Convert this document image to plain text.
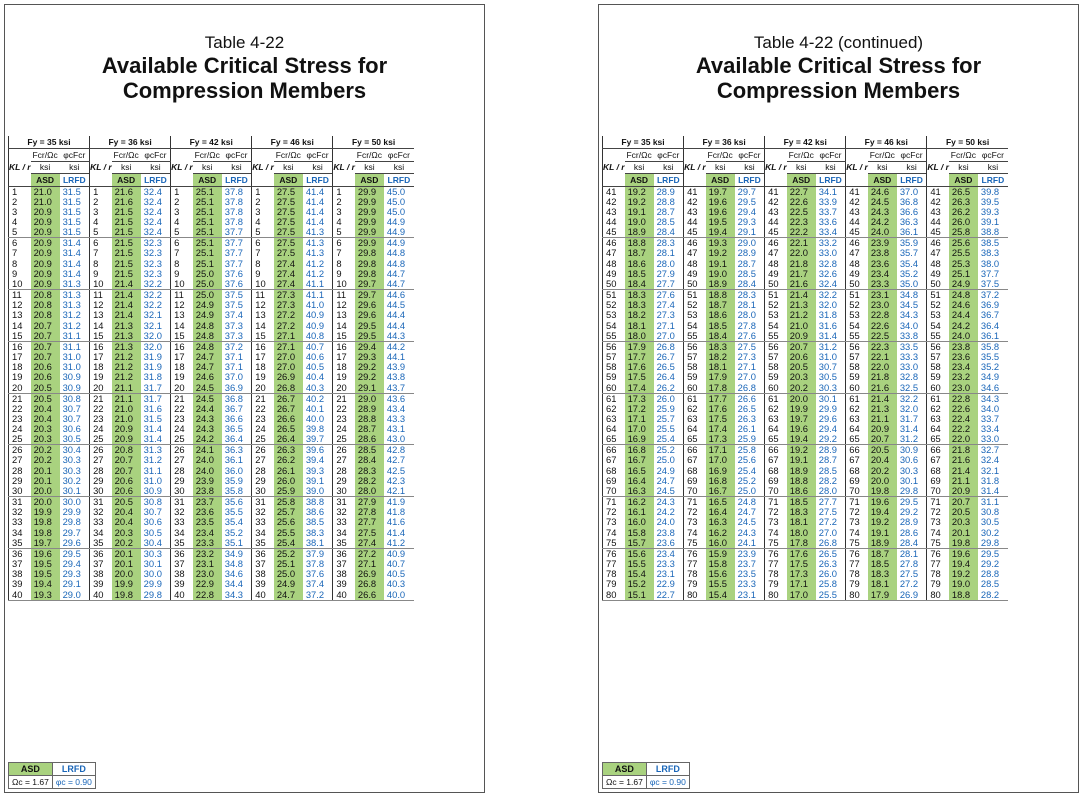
Table 4-22
Available Critical Stress for
Compression Members
Fy = 35 ksi			Fy = 36 ksi			Fy = 42 ksi			Fy = 46 ksi			Fy = 50 ksi		
KL / r	Fcr/Ωc	φcFcr	KL / r	Fcr/Ωc	φcFcr	KL / r	Fcr/Ωc	φcFcr	KL / r	Fcr/Ωc	φcFcr	KL / r	Fcr/Ωc	φcFcr
	ksi	ksi		ksi	ksi		ksi	ksi		ksi	ksi		ksi	ksi
	ASD	LRFD		ASD	LRFD		ASD	LRFD		ASD	LRFD		ASD	LRFD
1	21.0	31.5	1	21.6	32.4	1	25.1	37.8	1	27.5	41.4	1	29.9	45.0
2	21.0	31.5	2	21.6	32.4	2	25.1	37.8	2	27.5	41.4	2	29.9	45.0
3	20.9	31.5	3	21.5	32.4	3	25.1	37.8	3	27.5	41.4	3	29.9	45.0
4	20.9	31.5	4	21.5	32.4	4	25.1	37.8	4	27.5	41.4	4	29.9	44.9
5	20.9	31.5	5	21.5	32.4	5	25.1	37.7	5	27.5	41.3	5	29.9	44.9
6	20.9	31.4	6	21.5	32.3	6	25.1	37.7	6	27.5	41.3	6	29.9	44.9
7	20.9	31.4	7	21.5	32.3	7	25.1	37.7	7	27.5	41.3	7	29.8	44.8
8	20.9	31.4	8	21.5	32.3	8	25.1	37.7	8	27.4	41.2	8	29.8	44.8
9	20.9	31.4	9	21.5	32.3	9	25.0	37.6	9	27.4	41.2	9	29.8	44.7
10	20.9	31.3	10	21.4	32.2	10	25.0	37.6	10	27.4	41.1	10	29.7	44.7
11	20.8	31.3	11	21.4	32.2	11	25.0	37.5	11	27.3	41.1	11	29.7	44.6
12	20.8	31.3	12	21.4	32.2	12	24.9	37.5	12	27.3	41.0	12	29.6	44.5
13	20.8	31.2	13	21.4	32.1	13	24.9	37.4	13	27.2	40.9	13	29.6	44.4
14	20.7	31.2	14	21.3	32.1	14	24.8	37.3	14	27.2	40.9	14	29.5	44.4
15	20.7	31.1	15	21.3	32.0	15	24.8	37.3	15	27.1	40.8	15	29.5	44.3
16	20.7	31.1	16	21.3	32.0	16	24.8	37.2	16	27.1	40.7	16	29.4	44.2
17	20.7	31.0	17	21.2	31.9	17	24.7	37.1	17	27.0	40.6	17	29.3	44.1
18	20.6	31.0	18	21.2	31.9	18	24.7	37.1	18	27.0	40.5	18	29.2	43.9
19	20.6	30.9	19	21.2	31.8	19	24.6	37.0	19	26.9	40.4	19	29.2	43.8
20	20.5	30.9	20	21.1	31.7	20	24.5	36.9	20	26.8	40.3	20	29.1	43.7
21	20.5	30.8	21	21.1	31.7	21	24.5	36.8	21	26.7	40.2	21	29.0	43.6
22	20.4	30.7	22	21.0	31.6	22	24.4	36.7	22	26.7	40.1	22	28.9	43.4
23	20.4	30.7	23	21.0	31.5	23	24.3	36.6	23	26.6	40.0	23	28.8	43.3
24	20.3	30.6	24	20.9	31.4	24	24.3	36.5	24	26.5	39.8	24	28.7	43.1
25	20.3	30.5	25	20.9	31.4	25	24.2	36.4	25	26.4	39.7	25	28.6	43.0
26	20.2	30.4	26	20.8	31.3	26	24.1	36.3	26	26.3	39.6	26	28.5	42.8
27	20.2	30.3	27	20.7	31.2	27	24.0	36.1	27	26.2	39.4	27	28.4	42.7
28	20.1	30.3	28	20.7	31.1	28	24.0	36.0	28	26.1	39.3	28	28.3	42.5
29	20.1	30.2	29	20.6	31.0	29	23.9	35.9	29	26.0	39.1	29	28.2	42.3
30	20.0	30.1	30	20.6	30.9	30	23.8	35.8	30	25.9	39.0	30	28.0	42.1
31	20.0	30.0	31	20.5	30.8	31	23.7	35.6	31	25.8	38.8	31	27.9	41.9
32	19.9	29.9	32	20.4	30.7	32	23.6	35.5	32	25.7	38.6	32	27.8	41.8
33	19.8	29.8	33	20.4	30.6	33	23.5	35.4	33	25.6	38.5	33	27.7	41.6
34	19.8	29.7	34	20.3	30.5	34	23.4	35.2	34	25.5	38.3	34	27.5	41.4
35	19.7	29.6	35	20.2	30.4	35	23.3	35.1	35	25.4	38.1	35	27.4	41.2
36	19.6	29.5	36	20.1	30.3	36	23.2	34.9	36	25.2	37.9	36	27.2	40.9
37	19.5	29.4	37	20.1	30.1	37	23.1	34.8	37	25.1	37.8	37	27.1	40.7
38	19.5	29.3	38	20.0	30.0	38	23.0	34.6	38	25.0	37.6	38	26.9	40.5
39	19.4	29.1	39	19.9	29.9	39	22.9	34.4	39	24.9	37.4	39	26.8	40.3
40	19.3	29.0	40	19.8	29.8	40	22.8	34.3	40	24.7	37.2	40	26.6	40.0
ASD	LRFD
Ωc = 1.67	φc = 0.90
Table 4-22 (continued)
Available Critical Stress for
Compression Members
Fy = 35 ksi			Fy = 36 ksi			Fy = 42 ksi			Fy = 46 ksi			Fy = 50 ksi		
KL / r	Fcr/Ωc	φcFcr	KL / r	Fcr/Ωc	φcFcr	KL / r	Fcr/Ωc	φcFcr	KL / r	Fcr/Ωc	φcFcr	KL / r	Fcr/Ωc	φcFcr
	ksi	ksi		ksi	ksi		ksi	ksi		ksi	ksi		ksi	ksi
	ASD	LRFD		ASD	LRFD		ASD	LRFD		ASD	LRFD		ASD	LRFD
41	19.2	28.9	41	19.7	29.7	41	22.7	34.1	41	24.6	37.0	41	26.5	39.8
42	19.2	28.8	42	19.6	29.5	42	22.6	33.9	42	24.5	36.8	42	26.3	39.5
43	19.1	28.7	43	19.6	29.4	43	22.5	33.7	43	24.3	36.6	43	26.2	39.3
44	19.0	28.5	44	19.5	29.3	44	22.3	33.6	44	24.2	36.3	44	26.0	39.1
45	18.9	28.4	45	19.4	29.1	45	22.2	33.4	45	24.0	36.1	45	25.8	38.8
46	18.8	28.3	46	19.3	29.0	46	22.1	33.2	46	23.9	35.9	46	25.6	38.5
47	18.7	28.1	47	19.2	28.9	47	22.0	33.0	47	23.8	35.7	47	25.5	38.3
48	18.6	28.0	48	19.1	28.7	48	21.8	32.8	48	23.6	35.4	48	25.3	38.0
49	18.5	27.9	49	19.0	28.5	49	21.7	32.6	49	23.4	35.2	49	25.1	37.7
50	18.4	27.7	50	18.9	28.4	50	21.6	32.4	50	23.3	35.0	50	24.9	37.5
51	18.3	27.6	51	18.8	28.3	51	21.4	32.2	51	23.1	34.8	51	24.8	37.2
52	18.3	27.4	52	18.7	28.1	52	21.3	32.0	52	23.0	34.5	52	24.6	36.9
53	18.2	27.3	53	18.6	28.0	53	21.2	31.8	53	22.8	34.3	53	24.4	36.7
54	18.1	27.1	54	18.5	27.8	54	21.0	31.6	54	22.6	34.0	54	24.2	36.4
55	18.0	27.0	55	18.4	27.6	55	20.9	31.4	55	22.5	33.8	55	24.0	36.1
56	17.9	26.8	56	18.3	27.5	56	20.7	31.2	56	22.3	33.5	56	23.8	35.8
57	17.7	26.7	57	18.2	27.3	57	20.6	31.0	57	22.1	33.3	57	23.6	35.5
58	17.6	26.5	58	18.1	27.1	58	20.5	30.7	58	22.0	33.0	58	23.4	35.2
59	17.5	26.4	59	17.9	27.0	59	20.3	30.5	59	21.8	32.8	59	23.2	34.9
60	17.4	26.2	60	17.8	26.8	60	20.2	30.3	60	21.6	32.5	60	23.0	34.6
61	17.3	26.0	61	17.7	26.6	61	20.0	30.1	61	21.4	32.2	61	22.8	34.3
62	17.2	25.9	62	17.6	26.5	62	19.9	29.9	62	21.3	32.0	62	22.6	34.0
63	17.1	25.7	63	17.5	26.3	63	19.7	29.6	63	21.1	31.7	63	22.4	33.7
64	17.0	25.5	64	17.4	26.1	64	19.6	29.4	64	20.9	31.4	64	22.2	33.4
65	16.9	25.4	65	17.3	25.9	65	19.4	29.2	65	20.7	31.2	65	22.0	33.0
66	16.8	25.2	66	17.1	25.8	66	19.2	28.9	66	20.5	30.9	66	21.8	32.7
67	16.7	25.0	67	17.0	25.6	67	19.1	28.7	67	20.4	30.6	67	21.6	32.4
68	16.5	24.9	68	16.9	25.4	68	18.9	28.5	68	20.2	30.3	68	21.4	32.1
69	16.4	24.7	69	16.8	25.2	69	18.8	28.2	69	20.0	30.1	69	21.1	31.8
70	16.3	24.5	70	16.7	25.0	70	18.6	28.0	70	19.8	29.8	70	20.9	31.4
71	16.2	24.3	71	16.5	24.8	71	18.5	27.7	71	19.6	29.5	71	20.7	31.1
72	16.1	24.2	72	16.4	24.7	72	18.3	27.5	72	19.4	29.2	72	20.5	30.8
73	16.0	24.0	73	16.3	24.5	73	18.1	27.2	73	19.2	28.9	73	20.3	30.5
74	15.8	23.8	74	16.2	24.3	74	18.0	27.0	74	19.1	28.6	74	20.1	30.2
75	15.7	23.6	75	16.0	24.1	75	17.8	26.8	75	18.9	28.4	75	19.8	29.8
76	15.6	23.4	76	15.9	23.9	76	17.6	26.5	76	18.7	28.1	76	19.6	29.5
77	15.5	23.3	77	15.8	23.7	77	17.5	26.3	77	18.5	27.8	77	19.4	29.2
78	15.4	23.1	78	15.6	23.5	78	17.3	26.0	78	18.3	27.5	78	19.2	28.8
79	15.2	22.9	79	15.5	23.3	79	17.1	25.8	79	18.1	27.2	79	19.0	28.5
80	15.1	22.7	80	15.4	23.1	80	17.0	25.5	80	17.9	26.9	80	18.8	28.2
ASD	LRFD
Ωc = 1.67	φc = 0.90
